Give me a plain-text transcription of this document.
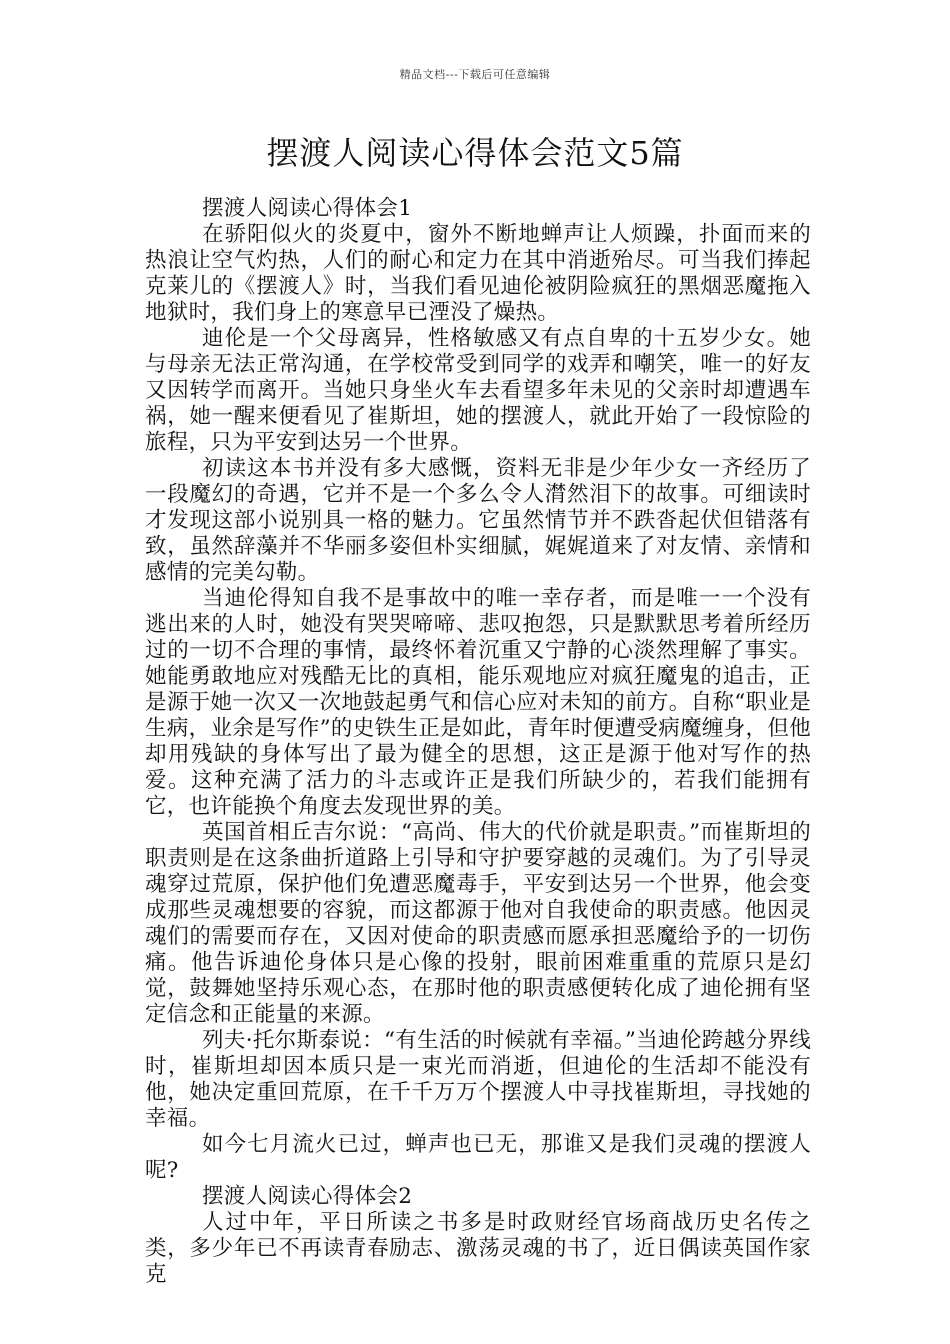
精品文档---下载后可任意编辑
摆渡人阅读心得体会范文5篇

摆渡人阅读心得体会1

在骄阳似火的炎夏中，窗外不断地蝉声让人烦躁，扑面而来的热浪让空气灼热，人们的耐心和定力在其中消逝殆尽。可当我们捧起克莱儿的《摆渡人》时，当我们看见迪伦被阴险疯狂的黑烟恶魔拖入地狱时，我们身上的寒意早已湮没了燥热。

迪伦是一个父母离异，性格敏感又有点自卑的十五岁少女。她与母亲无法正常沟通，在学校常受到同学的戏弄和嘲笑，唯一的好友又因转学而离开。当她只身坐火车去看望多年未见的父亲时却遭遇车祸，她一醒来便看见了崔斯坦，她的摆渡人，就此开始了一段惊险的旅程，只为平安到达另一个世界。

初读这本书并没有多大感慨，资料无非是少年少女一齐经历了一段魔幻的奇遇，它并不是一个多么令人潸然泪下的故事。可细读时才发现这部小说别具一格的魅力。它虽然情节并不跌沓起伏但错落有致，虽然辞藻并不华丽多姿但朴实细腻，娓娓道来了对友情、亲情和感情的完美勾勒。

当迪伦得知自我不是事故中的唯一幸存者，而是唯一一个没有逃出来的人时，她没有哭哭啼啼、悲叹抱怨，只是默默思考着所经历过的一切不合理的事情，最终怀着沉重又宁静的心淡然理解了事实。她能勇敢地应对残酷无比的真相，能乐观地应对疯狂魔鬼的追击，正是源于她一次又一次地鼓起勇气和信心应对未知的前方。自称“职业是生病，业余是写作”的史铁生正是如此，青年时便遭受病魔缠身，但他却用残缺的身体写出了最为健全的思想，这正是源于他对写作的热爱。这种充满了活力的斗志或许正是我们所缺少的，若我们能拥有它，也许能换个角度去发现世界的美。

英国首相丘吉尔说：“高尚、伟大的代价就是职责。”而崔斯坦的职责则是在这条曲折道路上引导和守护要穿越的灵魂们。为了引导灵魂穿过荒原，保护他们免遭恶魔毒手，平安到达另一个世界，他会变成那些灵魂想要的容貌，而这都源于他对自我使命的职责感。他因灵魂们的需要而存在，又因对使命的职责感而愿承担恶魔给予的一切伤痛。他告诉迪伦身体只是心像的投射，眼前困难重重的荒原只是幻觉，鼓舞她坚持乐观心态，在那时他的职责感便转化成了迪伦拥有坚定信念和正能量的来源。

列夫·托尔斯泰说：“有生活的时候就有幸福。”当迪伦跨越分界线时，崔斯坦却因本质只是一束光而消逝，但迪伦的生活却不能没有他，她决定重回荒原，在千千万万个摆渡人中寻找崔斯坦，寻找她的幸福。

如今七月流火已过，蝉声也已无，那谁又是我们灵魂的摆渡人呢?

摆渡人阅读心得体会2

人过中年，平日所读之书多是时政财经官场商战历史名传之类，多少年已不再读青春励志、激荡灵魂的书了，近日偶读英国作家克
